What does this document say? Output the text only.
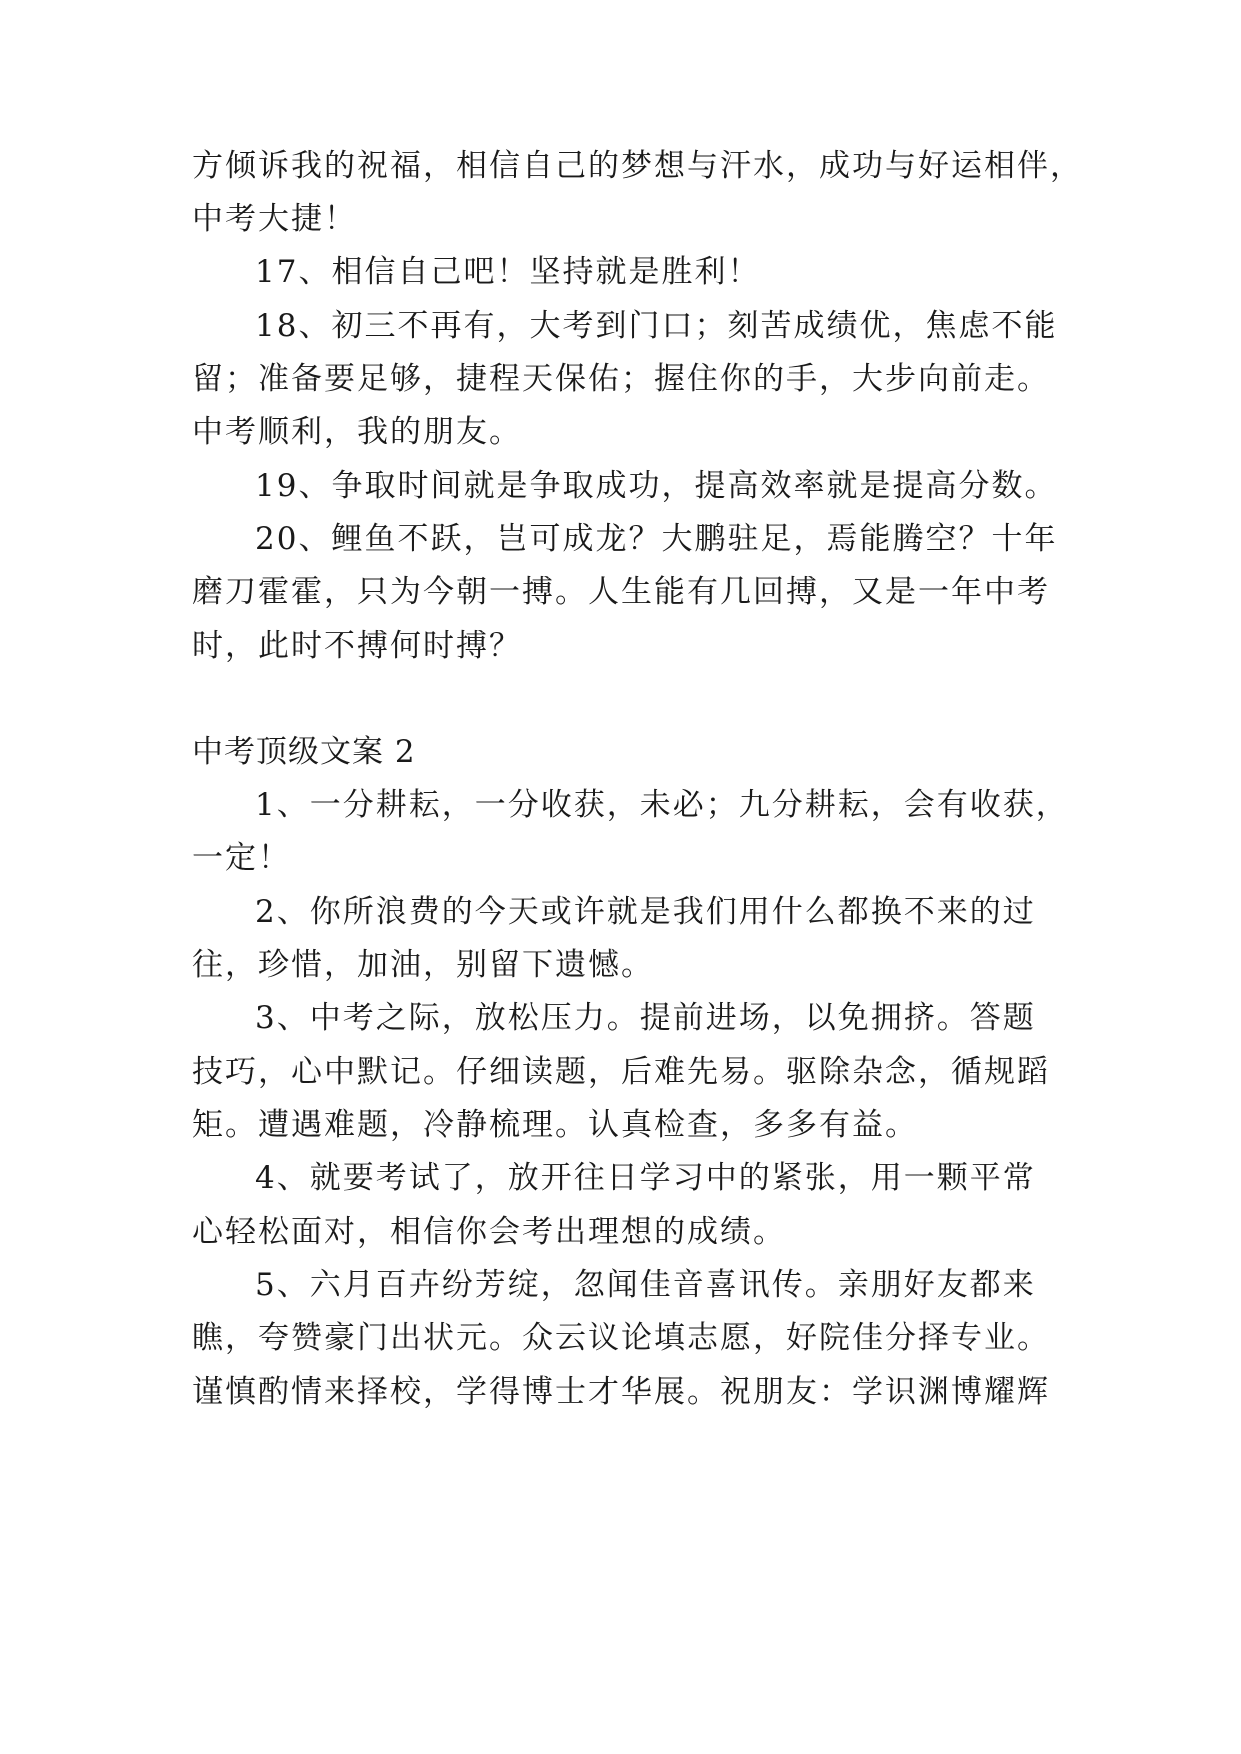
方倾诉我的祝福，相信自己的梦想与汗水，成功与好运相伴，

中考大捷！

17、相信自己吧！坚持就是胜利！

18、初三不再有，大考到门口；刻苦成绩优，焦虑不能

留；准备要足够，捷程天保佑；握住你的手，大步向前走。

中考顺利，我的朋友。

19、争取时间就是争取成功，提高效率就是提高分数。

20、鲤鱼不跃，岂可成龙？大鹏驻足，焉能腾空？十年

磨刀霍霍，只为今朝一搏。人生能有几回搏，又是一年中考

时，此时不搏何时搏？

中考顶级文案 2

1、一分耕耘，一分收获，未必；九分耕耘，会有收获，

一定！

2、你所浪费的今天或许就是我们用什么都换不来的过

往，珍惜，加油，别留下遗憾。

3、中考之际，放松压力。提前进场，以免拥挤。答题

技巧，心中默记。仔细读题，后难先易。驱除杂念，循规蹈

矩。遭遇难题，冷静梳理。认真检查，多多有益。

4、就要考试了，放开往日学习中的紧张，用一颗平常

心轻松面对，相信你会考出理想的成绩。

5、六月百卉纷芳绽，忽闻佳音喜讯传。亲朋好友都来

瞧，夸赞豪门出状元。众云议论填志愿，好院佳分择专业。

谨慎酌情来择校，学得博士才华展。祝朋友：学识渊博耀辉
